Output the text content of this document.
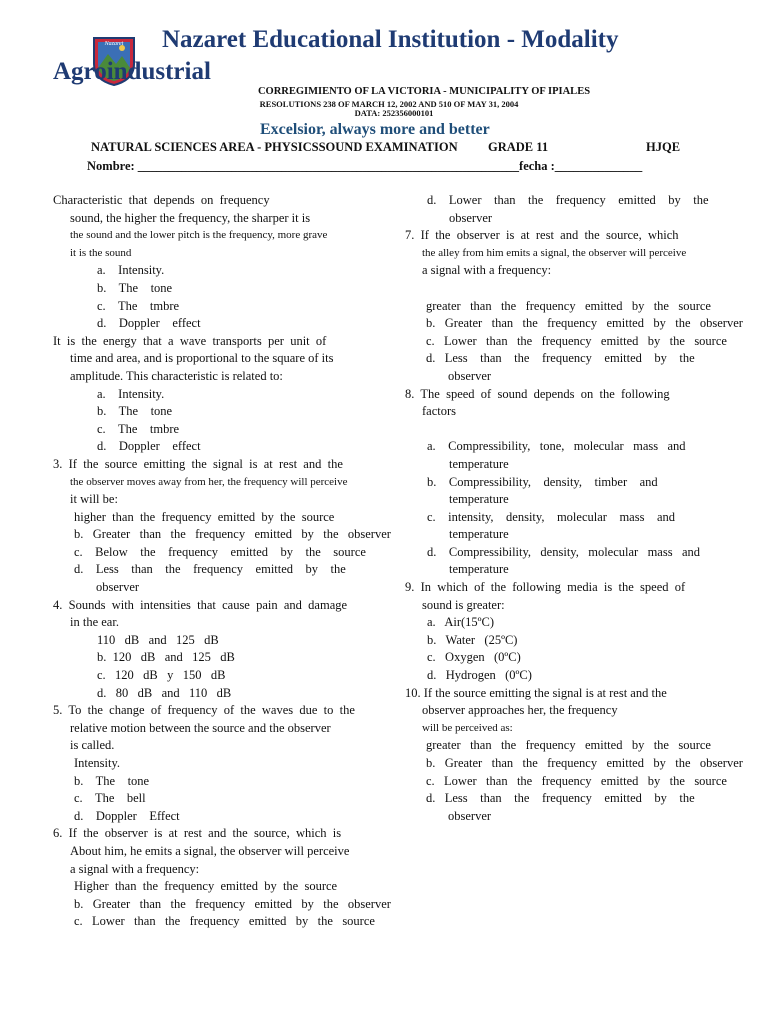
Nazaret Nazaret Educational Institution - Modality
Agroindustrial
CORREGIMIENTO OF LA VICTORIA - MUNICIPALITY OF IPIALES
RESOLUTIONS 238 OF MARCH 12, 2002 AND 510 OF MAY 31, 2004
DATA: 252356000101
Excelsior, always more and better
NATURAL SCIENCES AREA - PHYSICSSOUND EXAMINATION GRADE 11	HJQE
Nombre: _____________________________________________________________fecha :______________
Characteristic  that  depends  on  frequency
sound, the higher the frequency, the sharper it is
the sound and the lower pitch is the frequency, more grave
it is the sound
a.    Intensity.
b.    The    tone
c.    The    tmbre
d.    Doppler    effect
It  is  the  energy  that  a  wave  transports  per  unit  of
time and area, and is proportional to the square of its
amplitude. This characteristic is related to:
a.    Intensity.
b.    The    tone
c.    The    tmbre
d.    Doppler    effect
3.  If  the  source  emitting  the  signal  is  at  rest  and  the
the observer moves away from her, the frequency will perceive
it will be:
higher  than  the  frequency  emitted  by  the  source
b.   Greater   than   the   frequency   emitted   by   the   observer
c.    Below    the    frequency    emitted    by    the    source
d.    Less    than    the    frequency    emitted    by    the
observer
4.  Sounds  with  intensities  that  cause  pain  and  damage
in the ear.
110   dB   and   125   dB
b.  120   dB   and   125   dB
c.   120   dB   y   150   dB
d.   80   dB   and   110   dB
5.  To  the  change  of  frequency  of  the  waves  due  to  the
relative motion between the source and the observer
is called.
Intensity.
b.    The    tone
c.    The    bell
d.    Doppler    Effect
6.  If  the  observer  is  at  rest  and  the  source,  which  is
About him, he emits a signal, the observer will perceive
a signal with a frequency:
Higher  than  the  frequency  emitted  by  the  source
b.   Greater   than   the   frequency   emitted   by   the   observer
c.   Lower   than   the   frequency   emitted   by   the   source
d.    Lower    than    the    frequency    emitted    by    the
observer
7.  If  the  observer  is  at  rest  and  the  source,  which
the alley from him emits a signal, the observer will perceive
a signal with a frequency:

greater   than   the   frequency   emitted   by   the   source
b.   Greater   than   the   frequency   emitted   by   the   observer
c.   Lower   than   the   frequency   emitted   by   the   source
d.   Less    than    the    frequency    emitted    by    the
observer
8.  The  speed  of  sound  depends  on  the  following
factors

a.    Compressibility,   tone,   molecular   mass   and
temperature
b.    Compressibility,    density,    timber    and
temperature
c.    intensity,    density,    molecular    mass    and
temperature
d.    Compressibility,   density,   molecular   mass   and
temperature
9.  In  which  of  the  following  media  is  the  speed  of
sound is greater:
a.   Air(15ºC)
b.   Water   (25ºC)
c.   Oxygen   (0ºC)
d.   Hydrogen   (0ºC)
10. If the source emitting the signal is at rest and the
observer approaches her, the frequency
will be perceived as:
greater   than   the   frequency   emitted   by   the   source
b.   Greater   than   the   frequency   emitted   by   the   observer
c.   Lower   than   the   frequency   emitted   by   the   source
d.   Less    than    the    frequency    emitted    by    the
observer
